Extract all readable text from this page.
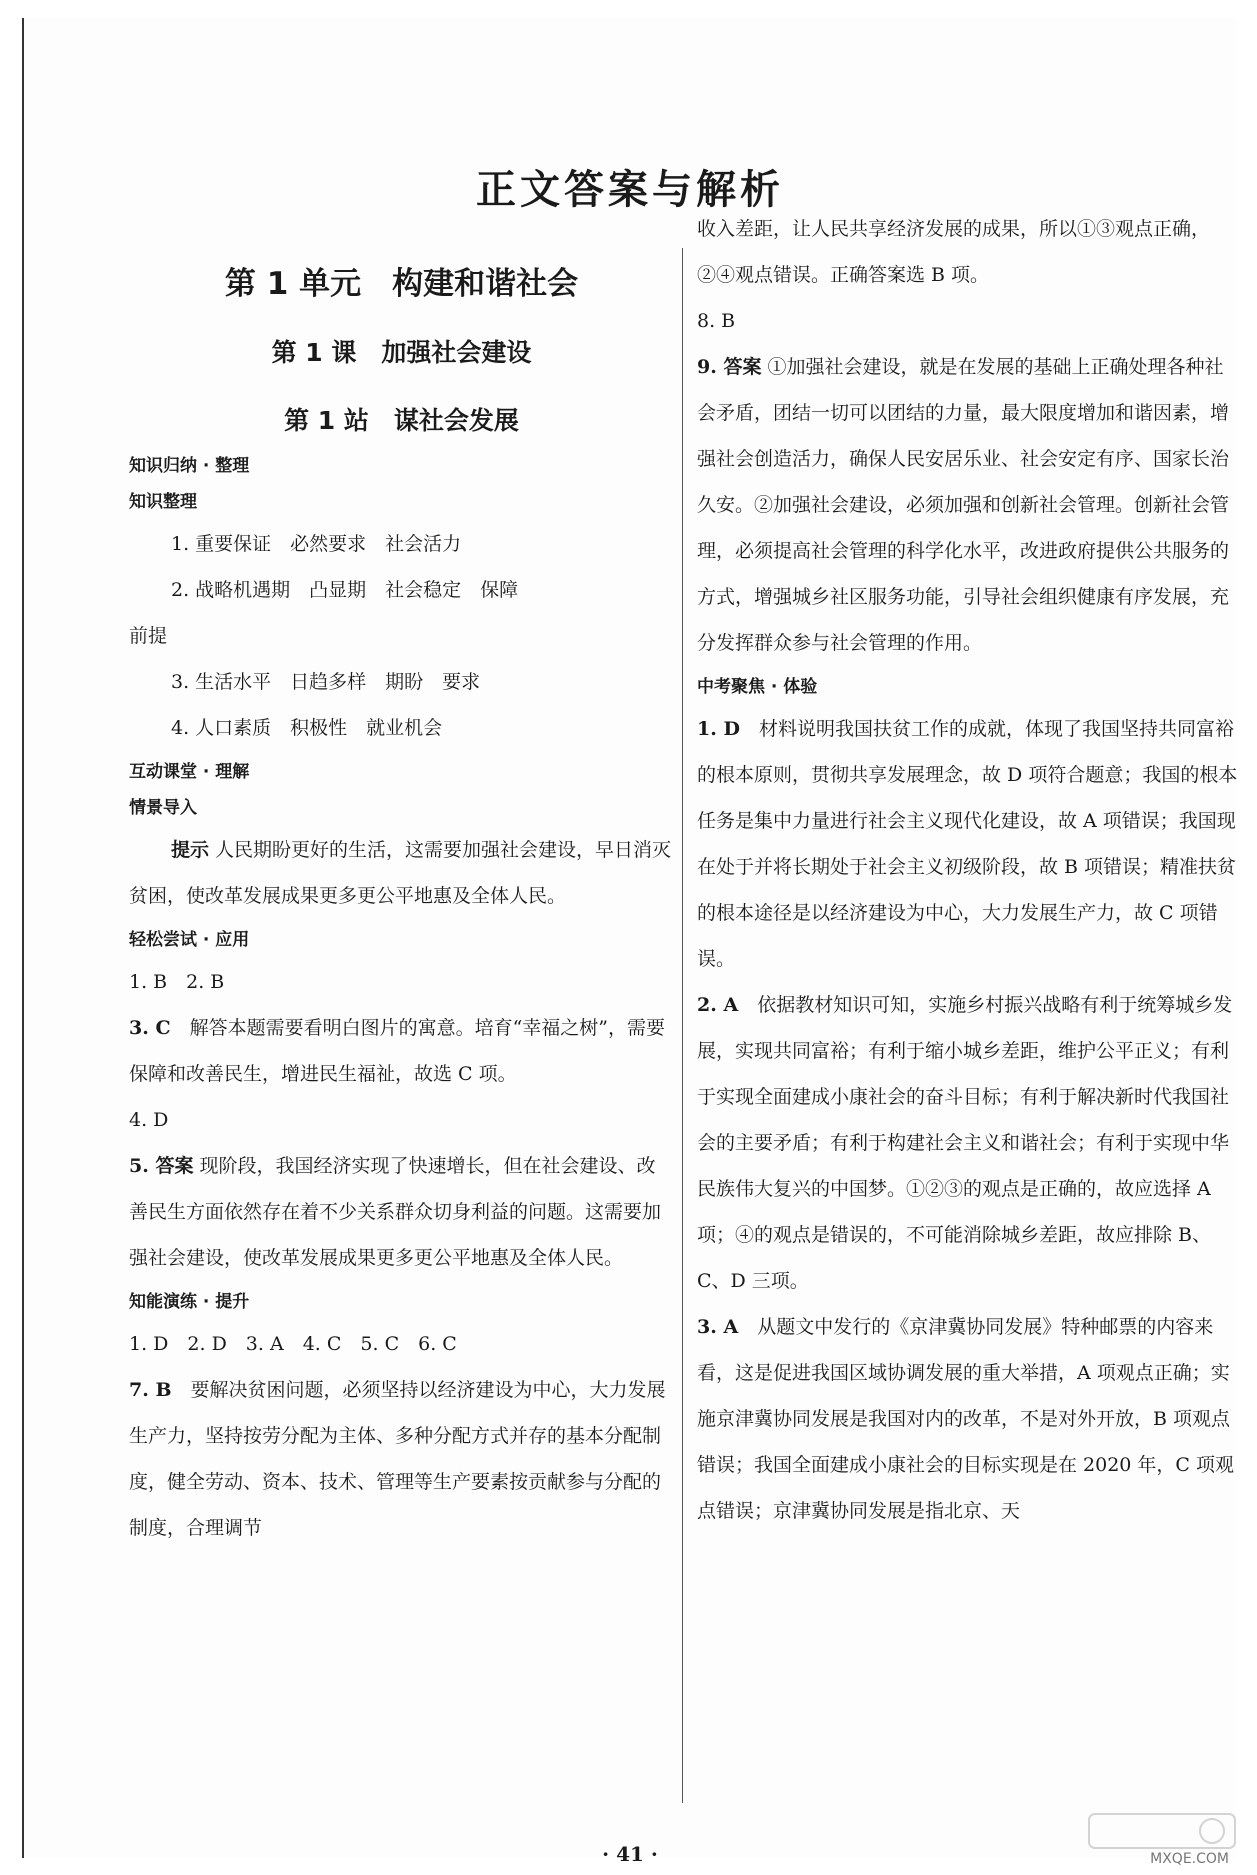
正文答案与解析
第 1 单元　构建和谐社会
第 1 课　加强社会建设
第 1 站　谋社会发展
知识归纳 · 整理
知识整理

1. 重要保证　必然要求　社会活力

2. 战略机遇期　凸显期　社会稳定　保障

前提

3. 生活水平　日趋多样　期盼　要求

4. 人口素质　积极性　就业机会

互动课堂 · 理解
情景导入

提示 人民期盼更好的生活，这需要加强社会建设，早日消灭贫困，使改革发展成果更多更公平地惠及全体人民。

轻松尝试 · 应用

1. B　2. B

3. C　解答本题需要看明白图片的寓意。培育“幸福之树”，需要保障和改善民生，增进民生福祉，故选 C 项。

4. D

5. 答案 现阶段，我国经济实现了快速增长，但在社会建设、改善民生方面依然存在着不少关系群众切身利益的问题。这需要加强社会建设，使改革发展成果更多更公平地惠及全体人民。

知能演练 · 提升

1. D　2. D　3. A　4. C　5. C　6. C

7. B　要解决贫困问题，必须坚持以经济建设为中心，大力发展生产力，坚持按劳分配为主体、多种分配方式并存的基本分配制度，健全劳动、资本、技术、管理等生产要素按贡献参与分配的制度，合理调节

收入差距，让人民共享经济发展的成果，所以①③观点正确，②④观点错误。正确答案选 B 项。

8. B

9. 答案 ①加强社会建设，就是在发展的基础上正确处理各种社会矛盾，团结一切可以团结的力量，最大限度增加和谐因素，增强社会创造活力，确保人民安居乐业、社会安定有序、国家长治久安。②加强社会建设，必须加强和创新社会管理。创新社会管理，必须提高社会管理的科学化水平，改进政府提供公共服务的方式，增强城乡社区服务功能，引导社会组织健康有序发展，充分发挥群众参与社会管理的作用。

中考聚焦 · 体验

1. D　材料说明我国扶贫工作的成就，体现了我国坚持共同富裕的根本原则，贯彻共享发展理念，故 D 项符合题意；我国的根本任务是集中力量进行社会主义现代化建设，故 A 项错误；我国现在处于并将长期处于社会主义初级阶段，故 B 项错误；精准扶贫的根本途径是以经济建设为中心，大力发展生产力，故 C 项错误。

2. A　依据教材知识可知，实施乡村振兴战略有利于统筹城乡发展，实现共同富裕；有利于缩小城乡差距，维护公平正义；有利于实现全面建成小康社会的奋斗目标；有利于解决新时代我国社会的主要矛盾；有利于构建社会主义和谐社会；有利于实现中华民族伟大复兴的中国梦。①②③的观点是正确的，故应选择 A 项；④的观点是错误的，不可能消除城乡差距，故应排除 B、C、D 三项。

3. A　从题文中发行的《京津冀协同发展》特种邮票的内容来看，这是促进我国区域协调发展的重大举措，A 项观点正确；实施京津冀协同发展是我国对内的改革，不是对外开放，B 项观点错误；我国全面建成小康社会的目标实现是在 2020 年，C 项观点错误；京津冀协同发展是指北京、天

· 41 ·	MXQE.COM
